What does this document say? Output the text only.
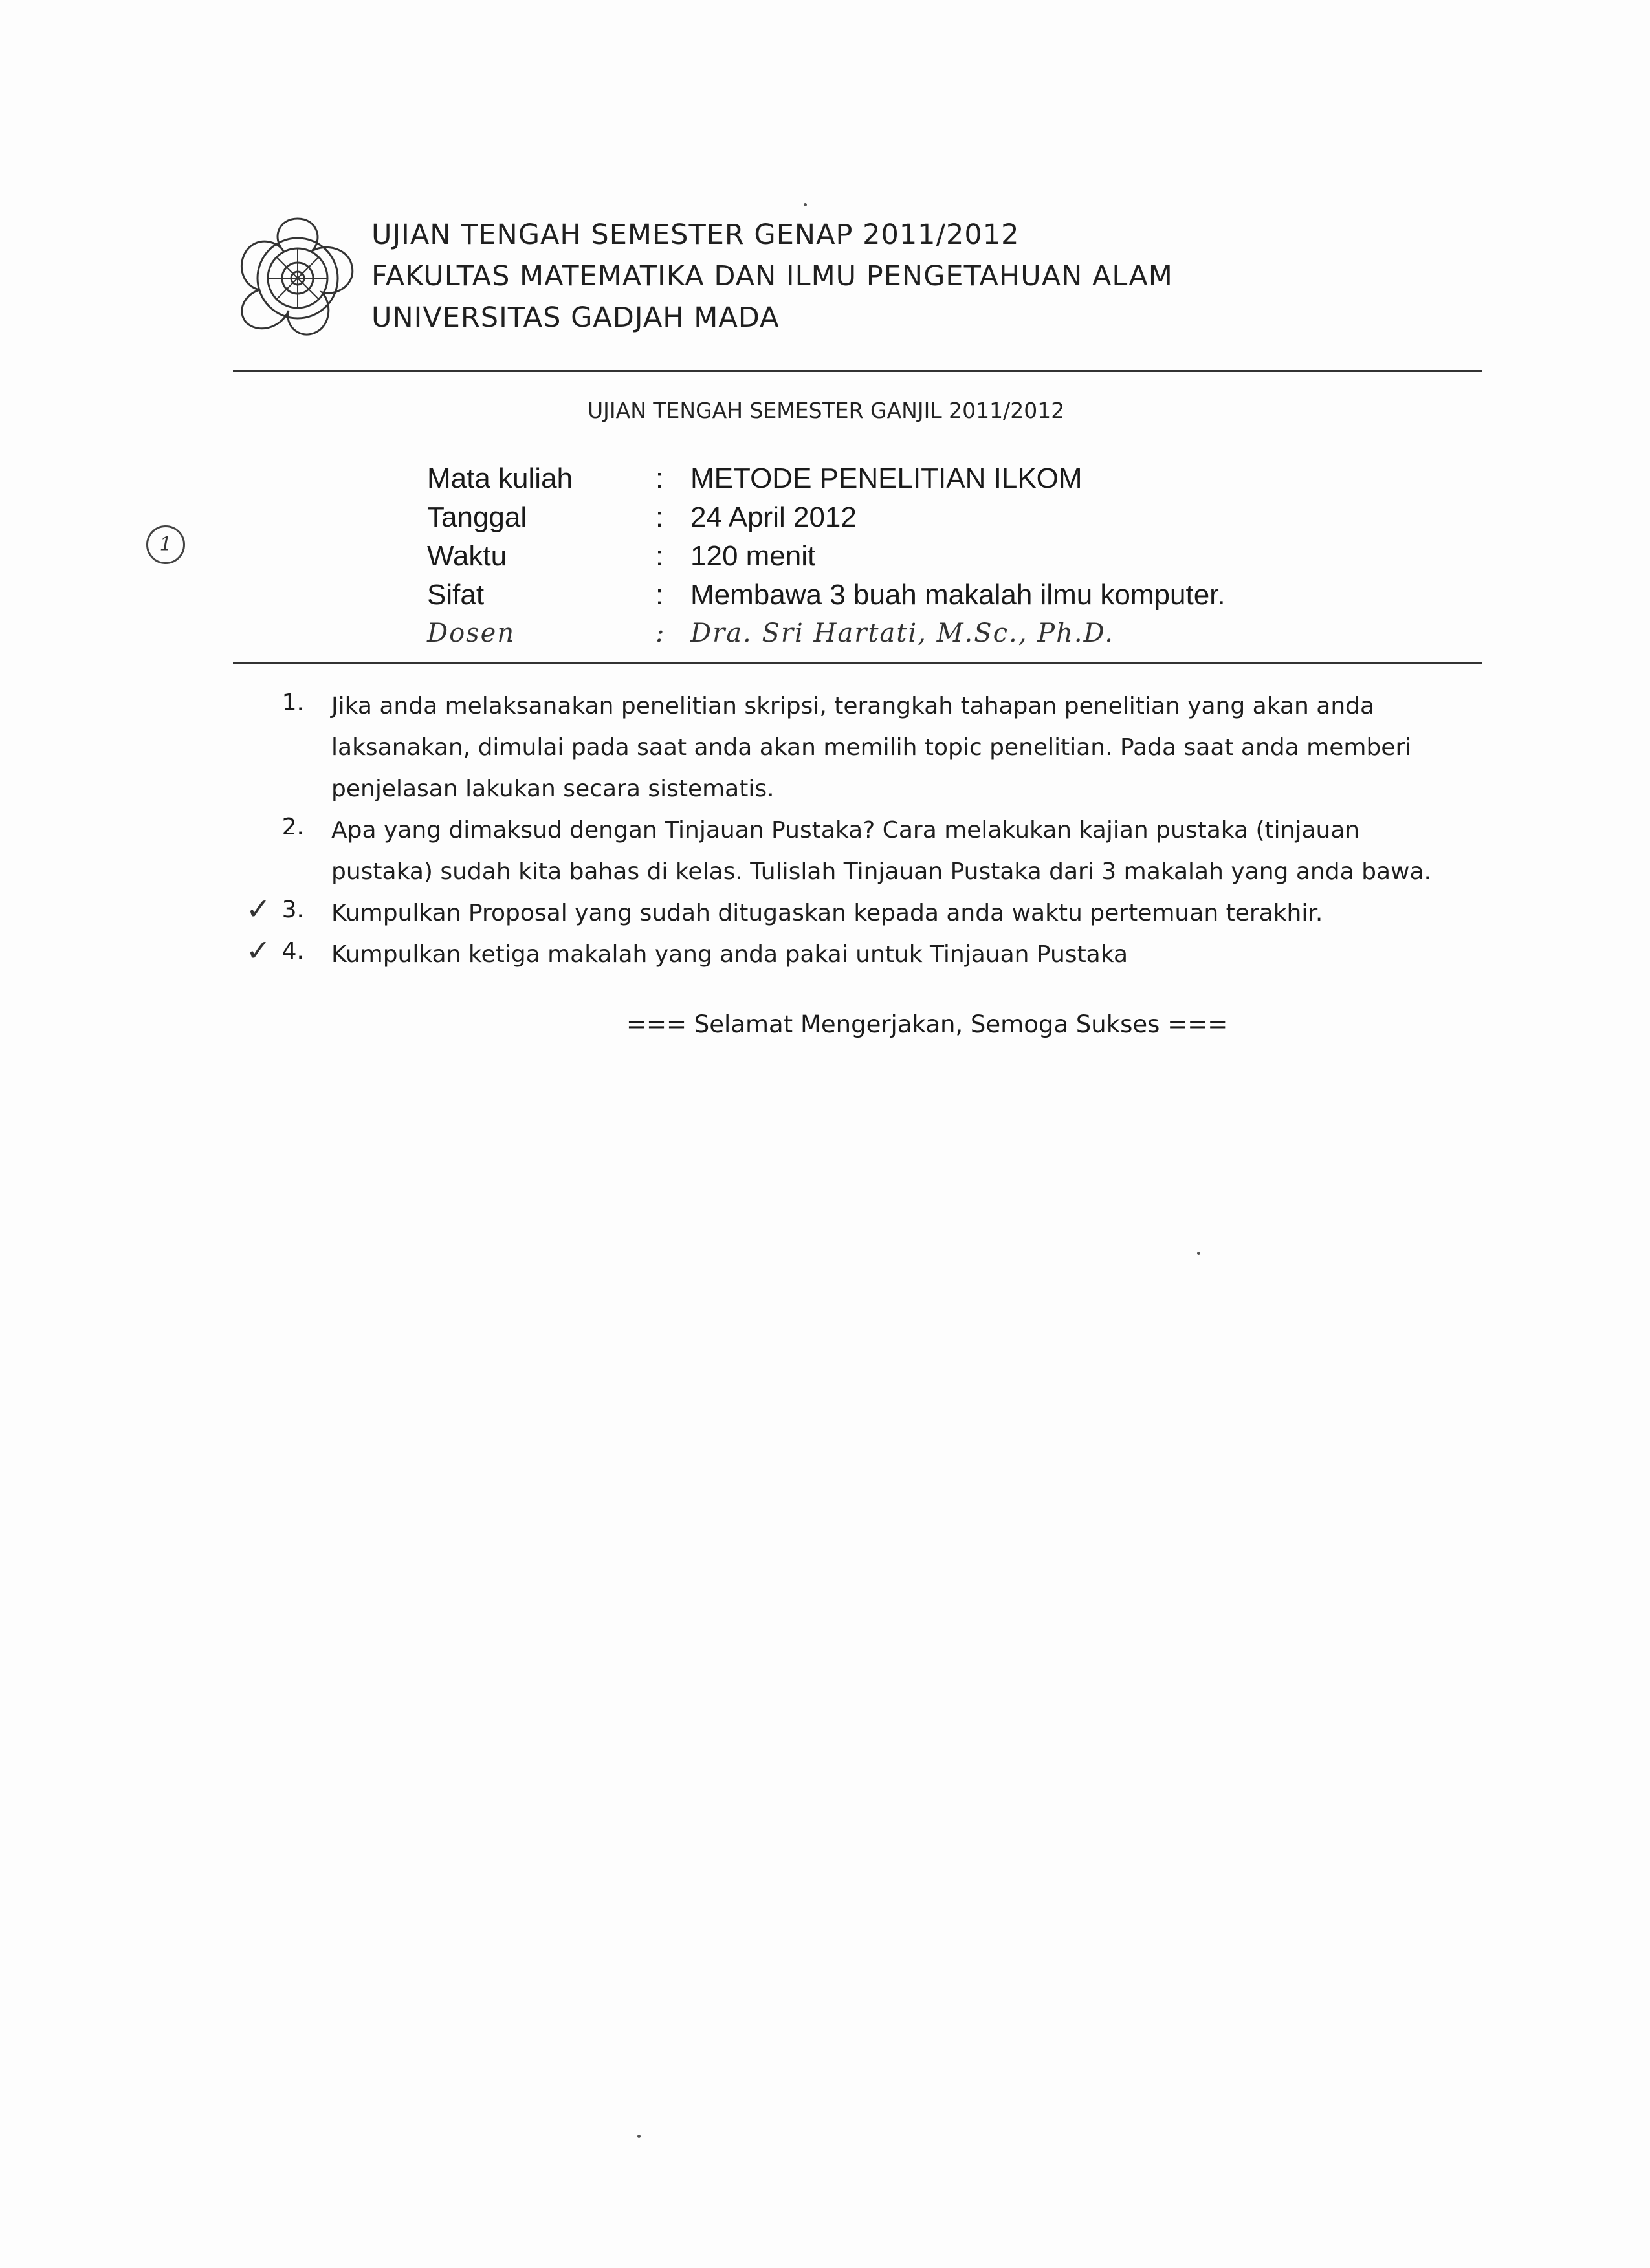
UJIAN TENGAH SEMESTER GENAP 2011/2012
FAKULTAS MATEMATIKA DAN ILMU PENGETAHUAN ALAM
UNIVERSITAS GADJAH MADA
UJIAN TENGAH SEMESTER GANJIL 2011/2012
1
Mata kuliah	: METODE PENELITIAN ILKOM
Tanggal	: 24 April 2012
Waktu	: 120 menit
Sifat	: Membawa 3 buah makalah ilmu komputer.
Dosen	: Dra. Sri Hartati, M.Sc., Ph.D.
1. Jika anda melaksanakan penelitian skripsi, terangkah tahapan penelitian yang akan anda laksanakan, dimulai pada saat anda akan memilih topic penelitian. Pada saat anda memberi penjelasan lakukan secara sistematis.
2. Apa yang dimaksud dengan Tinjauan Pustaka? Cara melakukan kajian pustaka (tinjauan pustaka) sudah kita bahas di kelas. Tulislah Tinjauan Pustaka dari 3 makalah yang anda bawa.
✓ 3. Kumpulkan Proposal yang sudah ditugaskan kepada anda waktu pertemuan terakhir.
✓ 4. Kumpulkan ketiga makalah yang anda pakai untuk Tinjauan Pustaka
=== Selamat Mengerjakan, Semoga Sukses ===
